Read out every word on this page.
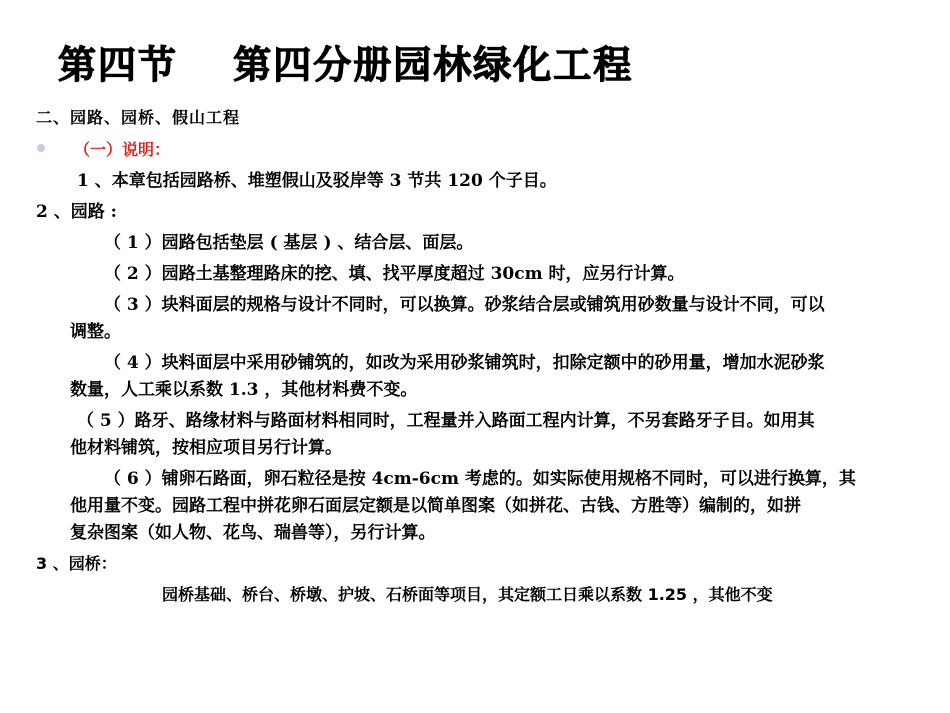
第四节　 第四分册园林绿化工程
二、园路、园桥、假山工程
（一）说明：
1 、本章包括园路桥、堆塑假山及驳岸等 3 节共 120 个子目。
2 、园路 :
（ 1 ）园路包括垫层 ( 基层 ) 、结合层、面层。
（ 2 ）园路土基整理路床的挖、填、找平厚度超过 30cm 时，应另行计算。
（ 3 ）块料面层的规格与设计不同时，可以换算。砂浆结合层或铺筑用砂数量与设计不同，可以
调整。
（ 4 ）块料面层中采用砂铺筑的，如改为采用砂浆铺筑时，扣除定额中的砂用量，增加水泥砂浆
数量，人工乘以系数 1.3 ，其他材料费不变。
（ 5 ）路牙、路缘材料与路面材料相同时，工程量并入路面工程内计算，不另套路牙子目。如用其
他材料铺筑，按相应项目另行计算。
（ 6 ）铺卵石路面，卵石粒径是按 4cm-6cm 考虑的。如实际使用规格不同时，可以进行换算，其
他用量不变。园路工程中拼花卵石面层定额是以简单图案（如拼花、古钱、方胜等）编制的，如拼
复杂图案（如人物、花鸟、瑞兽等），另行计算。
3 、园桥：
园桥基础、桥台、桥墩、护坡、石桥面等项目，其定额工日乘以系数 1.25 ，其他不变
